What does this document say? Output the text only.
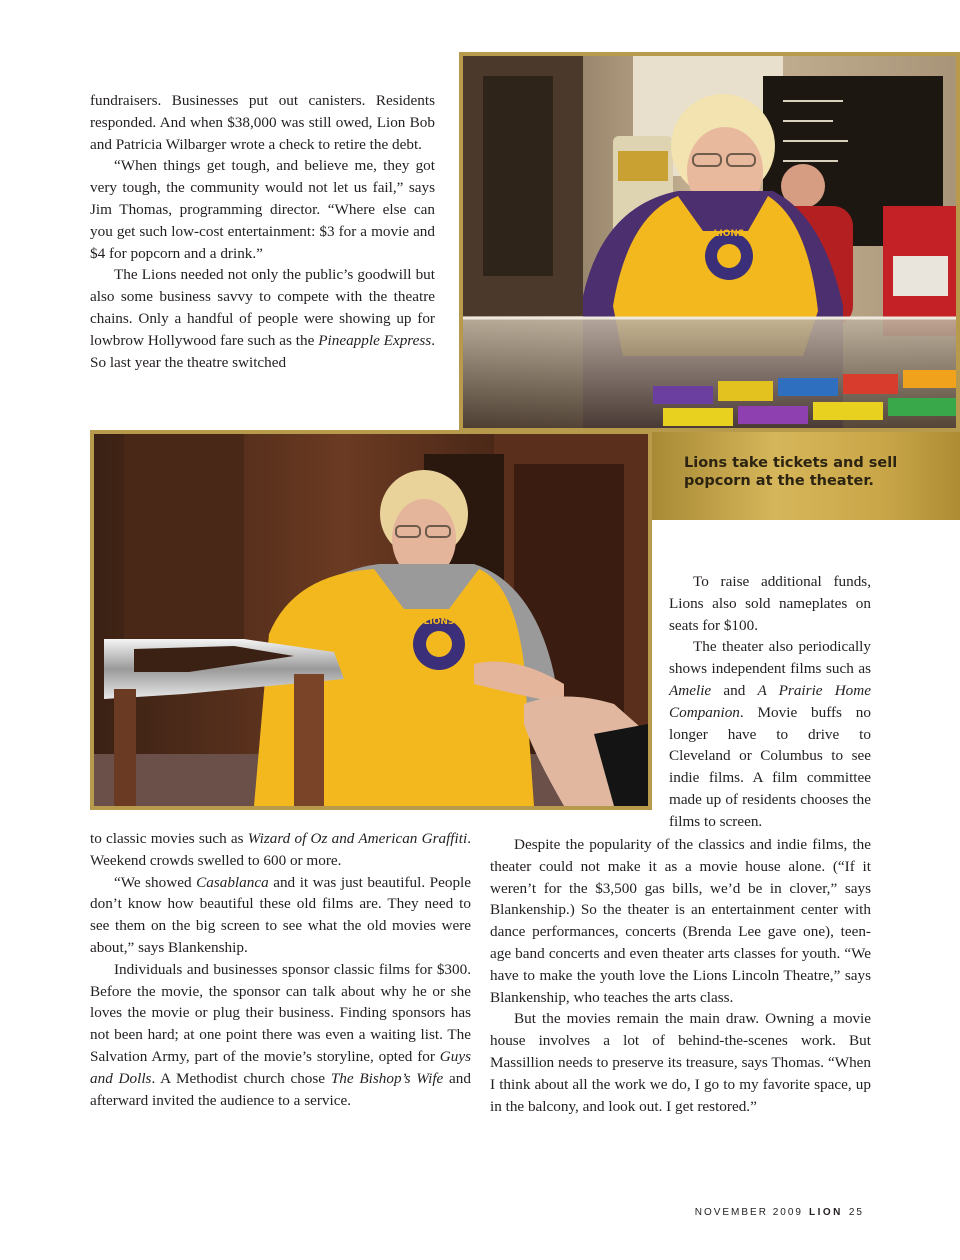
fundraisers. Businesses put out canisters. Residents responded. And when $38,000 was still owed, Lion Bob and Patricia Wilbarger wrote a check to retire the debt.

“When things get tough, and believe me, they got very tough, the community would not let us fail,” says Jim Thomas, programming director. “Where else can you get such low-cost entertainment: $3 for a movie and $4 for popcorn and a drink.”

The Lions needed not only the public’s goodwill but also some business savvy to compete with the theatre chains. Only a handful of people were showing up for lowbrow Hollywood fare such as the Pineapple Express. So last year the theatre switched

LIONS
LIONS
Lions take tickets and sell popcorn at the theater.

To raise additional funds, Lions also sold nameplates on seats for $100.

The theater also periodically shows independent films such as Amelie and A Prairie Home Companion. Movie buffs no longer have to drive to Cleveland or Columbus to see indie films. A film committee made up of residents chooses the films to screen.

to classic movies such as Wizard of Oz and American Graffiti. Weekend crowds swelled to 600 or more.

“We showed Casablanca and it was just beautiful. People don’t know how beautiful these old films are. They need to see them on the big screen to see what the old movies were about,” says Blankenship.

Individuals and businesses sponsor classic films for $300. Before the movie, the sponsor can talk about why he or she loves the movie or plug their business. Finding sponsors has not been hard; at one point there was even a waiting list. The Salvation Army, part of the movie’s storyline, opted for Guys and Dolls. A Methodist church chose The Bishop’s Wife and afterward invited the audience to a service.

Despite the popularity of the classics and indie films, the theater could not make it as a movie house alone. (“If it weren’t for the $3,500 gas bills, we’d be in clover,” says Blankenship.) So the theater is an entertainment center with dance performances, concerts (Brenda Lee gave one), teen-age band concerts and even theater arts classes for youth. “We have to make the youth love the Lions Lincoln Theatre,” says Blankenship, who teaches the arts class.

But the movies remain the main draw. Owning a movie house involves a lot of behind-the-scenes work. But Massillion needs to preserve its treasure, says Thomas. “When I think about all the work we do, I go to my favorite space, up in the balcony, and look out. I get restored.”

NOVEMBER 2009 LION 25
